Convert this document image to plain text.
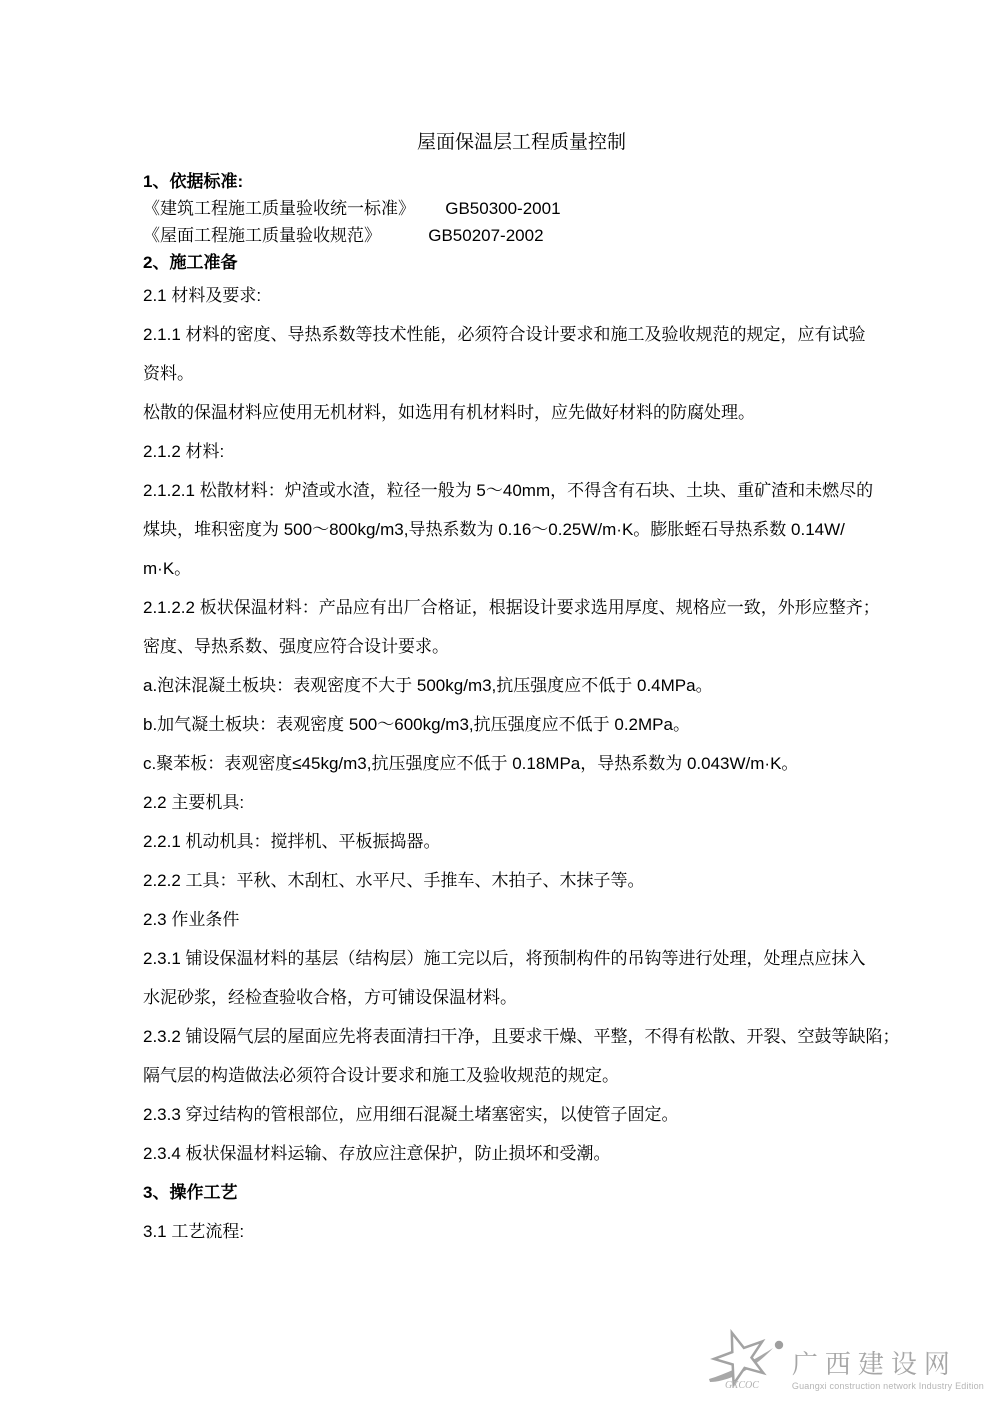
屋面保温层工程质量控制
1、依据标准:
《建筑工程施工质量验收统一标准》　　 GB50300-2001
《屋面工程施工质量验收规范》　　　 GB50207-2002
2、施工准备
2.1 材料及要求:
2.1.1 材料的密度、导热系数等技术性能，必须符合设计要求和施工及验收规范的规定，应有试验
资料。
松散的保温材料应使用无机材料，如选用有机材料时，应先做好材料的防腐处理。
2.1.2 材料:
2.1.2.1 松散材料：炉渣或水渣，粒径一般为 5～40mm，不得含有石块、土块、重矿渣和未燃尽的
煤块，堆积密度为 500～800kg/m3,导热系数为 0.16～0.25W/m·K。膨胀蛭石导热系数 0.14W/
m·K。
2.1.2.2 板状保温材料：产品应有出厂合格证，根据设计要求选用厚度、规格应一致，外形应整齐；
密度、导热系数、强度应符合设计要求。
a.泡沫混凝土板块：表观密度不大于 500kg/m3,抗压强度应不低于 0.4MPa。
b.加气凝土板块：表观密度 500～600kg/m3,抗压强度应不低于 0.2MPa。
c.聚苯板：表观密度≤45kg/m3,抗压强度应不低于 0.18MPa，导热系数为 0.043W/m·K。
2.2 主要机具:
2.2.1 机动机具：搅拌机、平板振捣器。
2.2.2 工具：平秋、木刮杠、水平尺、手推车、木拍子、木抹子等。
2.3 作业条件
2.3.1 铺设保温材料的基层（结构层）施工完以后，将预制构件的吊钩等进行处理，处理点应抹入
水泥砂浆，经检查验收合格，方可铺设保温材料。
2.3.2 铺设隔气层的屋面应先将表面清扫干净，且要求干燥、平整，不得有松散、开裂、空鼓等缺陷；
隔气层的构造做法必须符合设计要求和施工及验收规范的规定。
2.3.3 穿过结构的管根部位，应用细石混凝土堵塞密实，以使管子固定。
2.3.4 板状保温材料运输、存放应注意保护，防止损坏和受潮。
3、操作工艺
3.1 工艺流程:
GXCOC
广西建设网
Guangxi construction network Industry Edition
